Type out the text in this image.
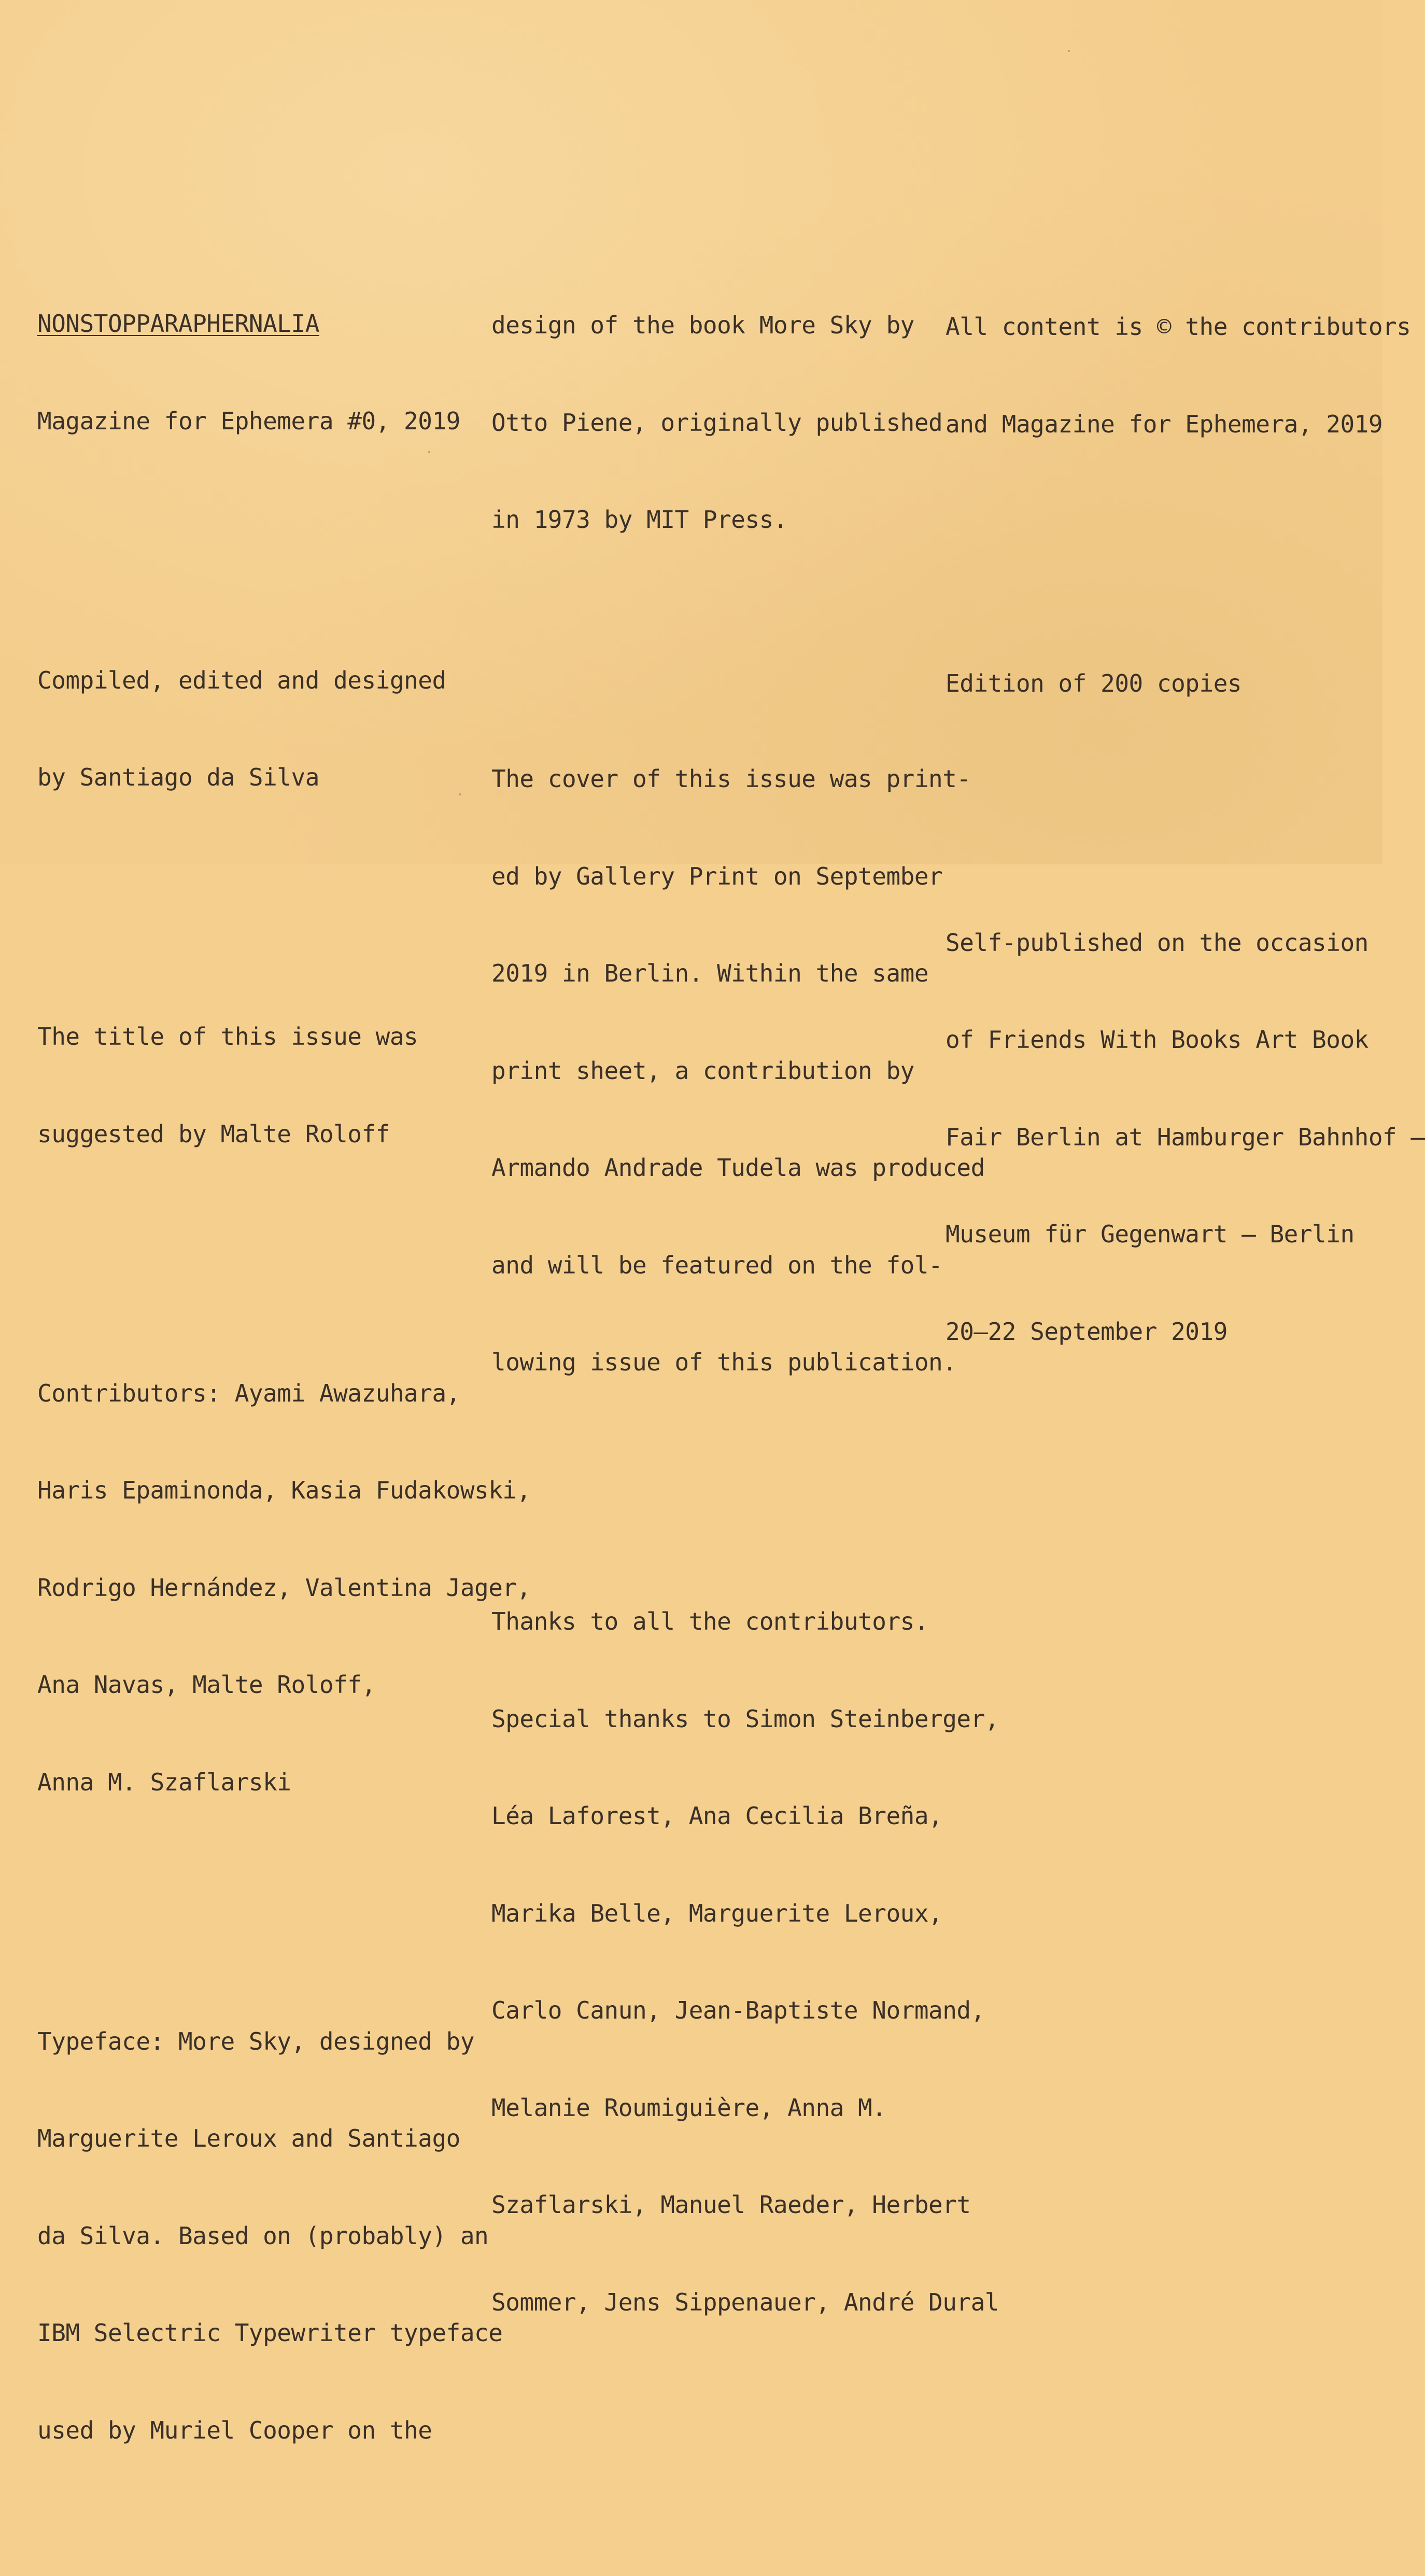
NONSTOPPARAPHERNALIA

Magazine for Ephemera #0, 2019

Compiled, edited and designed

by Santiago da Silva

The title of this issue was

suggested by Malte Roloff

Contributors: Ayami Awazuhara,

Haris Epaminonda, Kasia Fudakowski,

Rodrigo Hernández, Valentina Jager,

Ana Navas, Malte Roloff,

Anna M. Szaflarski

Typeface: More Sky, designed by

Marguerite Leroux and Santiago

da Silva. Based on (probably) an

IBM Selectric Typewriter typeface

used by Muriel Cooper on the

design of the book More Sky by

Otto Piene, originally published

in 1973 by MIT Press.

The cover of this issue was print-

ed by Gallery Print on September

2019 in Berlin. Within the same

print sheet, a contribution by

Armando Andrade Tudela was produced

and will be featured on the fol-

lowing issue of this publication.

Thanks to all the contributors.

Special thanks to Simon Steinberger,

Léa Laforest, Ana Cecilia Breña,

Marika Belle, Marguerite Leroux,

Carlo Canun, Jean-Baptiste Normand,

Melanie Roumiguière, Anna M.

Szaflarski, Manuel Raeder, Herbert

Sommer, Jens Sippenauer, André Dural

All content is © the contributors

and Magazine for Ephemera, 2019

Edition of 200 copies

Self-published on the occasion

of Friends With Books Art Book

Fair Berlin at Hamburger Bahnhof –

Museum für Gegenwart – Berlin

20–22 September 2019
